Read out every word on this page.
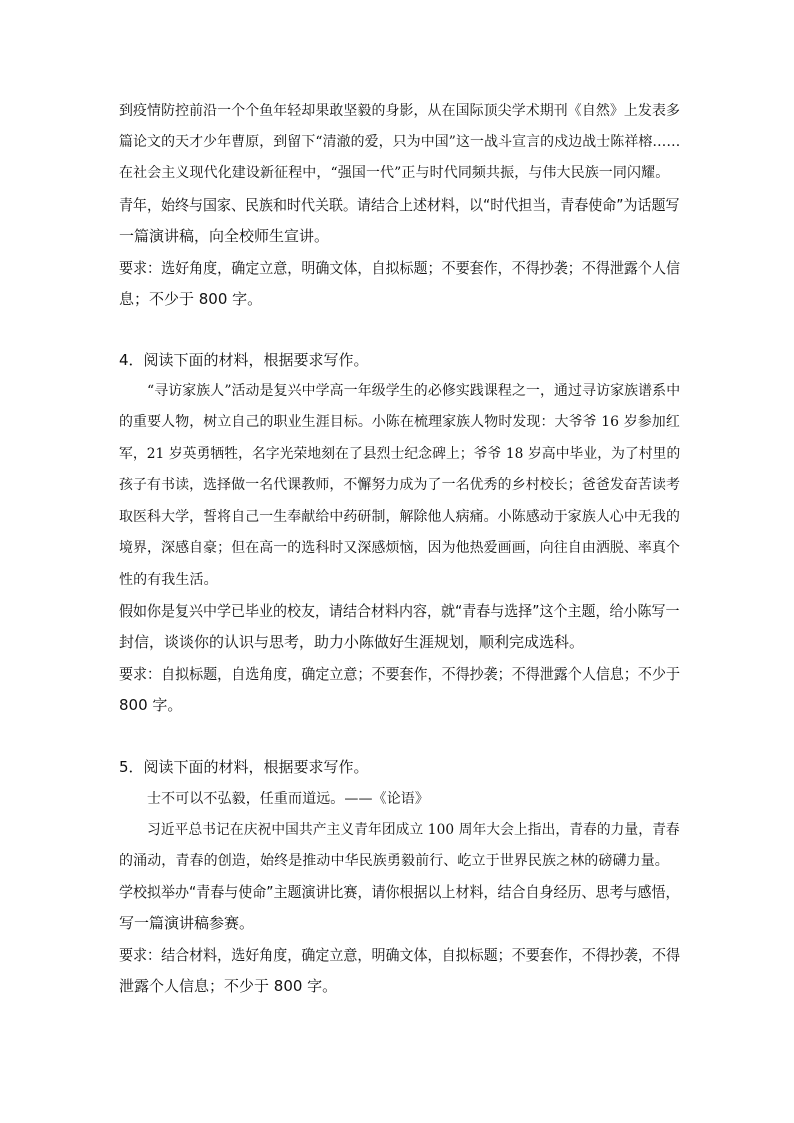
到疫情防控前沿一个个鱼年轻却果敢坚毅的身影，从在国际顶尖学术期刊《自然》上发表多
篇论文的天才少年曹原，到留下“清澈的爱，只为中国”这一战斗宣言的戍边战士陈祥榕……
在社会主义现代化建设新征程中，“强国一代”正与时代同频共振，与伟大民族一同闪耀。
青年，始终与国家、民族和时代关联。请结合上述材料，以“时代担当，青春使命”为话题写
一篇演讲稿，向全校师生宣讲。
要求：选好角度，确定立意，明确文体，自拟标题；不要套作，不得抄袭；不得泄露个人信
息；不少于 800 字。
4．阅读下面的材料，根据要求写作。
“寻访家族人”活动是复兴中学高一年级学生的必修实践课程之一，通过寻访家族谱系中
的重要人物，树立自己的职业生涯目标。小陈在梳理家族人物时发现：大爷爷 16 岁参加红
军，21 岁英勇牺牲，名字光荣地刻在了县烈士纪念碑上；爷爷 18 岁高中毕业，为了村里的
孩子有书读，选择做一名代课教师，不懈努力成为了一名优秀的乡村校长；爸爸发奋苦读考
取医科大学，誓将自己一生奉献给中药研制，解除他人病痛。小陈感动于家族人心中无我的
境界，深感自豪；但在高一的选科时又深感烦恼，因为他热爱画画，向往自由洒脱、率真个
性的有我生活。
假如你是复兴中学已毕业的校友，请结合材料内容，就“青春与选择”这个主题，给小陈写一
封信，谈谈你的认识与思考，助力小陈做好生涯规划，顺利完成选科。
要求：自拟标题，自选角度，确定立意；不要套作，不得抄袭；不得泄露个人信息；不少于
800 字。
5．阅读下面的材料，根据要求写作。
士不可以不弘毅，任重而道远。——《论语》
习近平总书记在庆祝中国共产主义青年团成立 100 周年大会上指出，青春的力量，青春
的涌动，青春的创造，始终是推动中华民族勇毅前行、屹立于世界民族之林的磅礴力量。
学校拟举办“青春与使命”主题演讲比赛，请你根据以上材料，结合自身经历、思考与感悟，
写一篇演讲稿参赛。
要求：结合材料，选好角度，确定立意，明确文体，自拟标题；不要套作，不得抄袭，不得
泄露个人信息；不少于 800 字。
